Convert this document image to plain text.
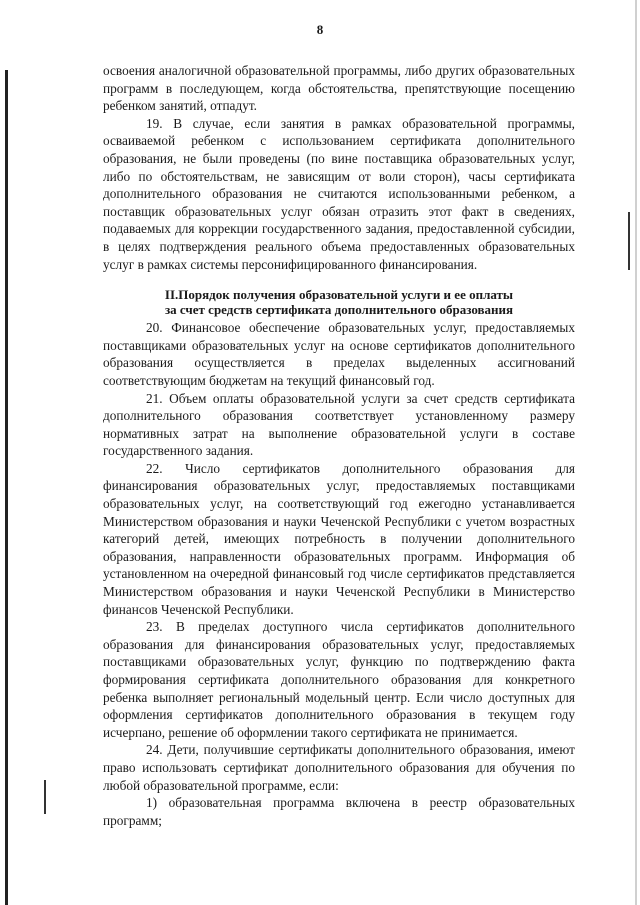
8

освоения аналогичной образовательной программы, либо других образовательных программ в последующем, когда обстоятельства, препятствующие посещению ребенком занятий, отпадут.

19. В случае, если занятия в рамках образовательной программы, осваиваемой ребенком с использованием сертификата дополнительного образования, не были проведены (по вине поставщика образовательных услуг, либо по обстоятельствам, не зависящим от воли сторон), часы сертификата дополнительного образования не считаются использованными ребенком, а поставщик образовательных услуг обязан отразить этот факт в сведениях, подаваемых для коррекции государственного задания, предоставленной субсидии, в целях подтверждения реального объема предоставленных образовательных услуг в рамках системы персонифицированного финансирования.

II.Порядок получения образовательной услуги и ее оплаты
за счет средств сертификата дополнительного образования

20. Финансовое обеспечение образовательных услуг, предоставляемых поставщиками образовательных услуг на основе сертификатов дополнительного образования осуществляется в пределах выделенных ассигнований соответствующим бюджетам на текущий финансовый год.

21. Объем оплаты образовательной услуги за счет средств сертификата дополнительного образования соответствует установленному размеру нормативных затрат на выполнение образовательной услуги в составе государственного задания.

22. Число сертификатов дополнительного образования для финансирования образовательных услуг, предоставляемых поставщиками образовательных услуг, на соответствующий год ежегодно устанавливается Министерством образования и науки Чеченской Республики с учетом возрастных категорий детей, имеющих потребность в получении дополнительного образования, направленности образовательных программ. Информация об установленном на очередной финансовый год числе сертификатов представляется Министерством образования и науки Чеченской Республики в Министерство финансов Чеченской Республики.

23. В пределах доступного числа сертификатов дополнительного образования для финансирования образовательных услуг, предоставляемых поставщиками образовательных услуг, функцию по подтверждению факта формирования сертификата дополнительного образования для конкретного ребенка выполняет региональный модельный центр. Если число доступных для оформления сертификатов дополнительного образования в текущем году исчерпано, решение об оформлении такого сертификата не принимается.

24. Дети, получившие сертификаты дополнительного образования, имеют право использовать сертификат дополнительного образования для обучения по любой образовательной программе, если:

1) образовательная программа включена в реестр образовательных программ;
